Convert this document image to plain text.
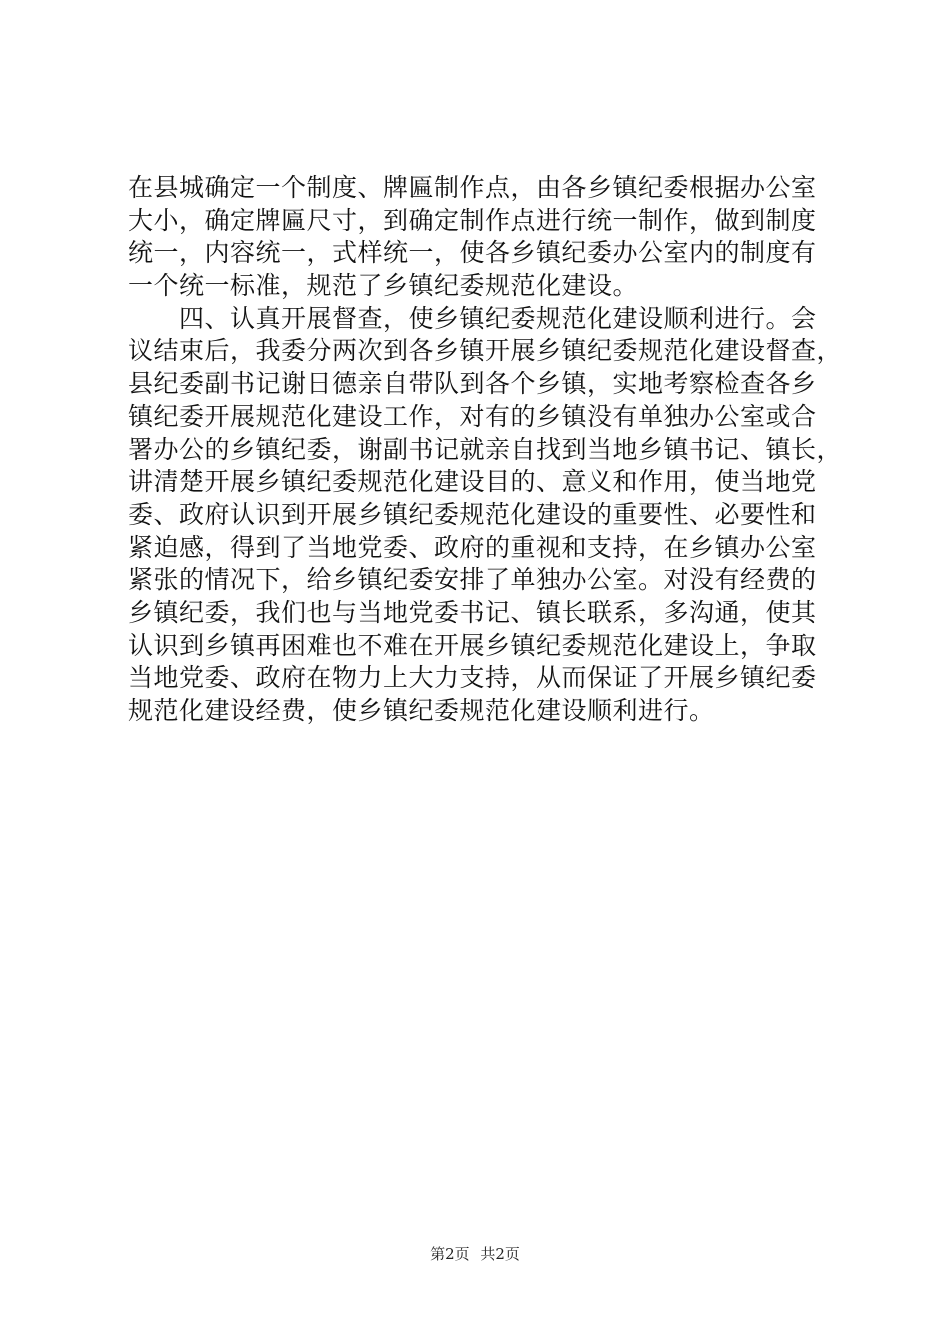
在县城确定一个制度、牌匾制作点，由各乡镇纪委根据办公室
大小，确定牌匾尺寸，到确定制作点进行统一制作，做到制度
统一，内容统一，式样统一，使各乡镇纪委办公室内的制度有
一个统一标准，规范了乡镇纪委规范化建设。
　　四、认真开展督查，使乡镇纪委规范化建设顺利进行。会
议结束后，我委分两次到各乡镇开展乡镇纪委规范化建设督查，
县纪委副书记谢日德亲自带队到各个乡镇，实地考察检查各乡
镇纪委开展规范化建设工作，对有的乡镇没有单独办公室或合
署办公的乡镇纪委，谢副书记就亲自找到当地乡镇书记、镇长，
讲清楚开展乡镇纪委规范化建设目的、意义和作用，使当地党
委、政府认识到开展乡镇纪委规范化建设的重要性、必要性和
紧迫感，得到了当地党委、政府的重视和支持，在乡镇办公室
紧张的情况下，给乡镇纪委安排了单独办公室。对没有经费的
乡镇纪委，我们也与当地党委书记、镇长联系，多沟通，使其
认识到乡镇再困难也不难在开展乡镇纪委规范化建设上，争取
当地党委、政府在物力上大力支持，从而保证了开展乡镇纪委
规范化建设经费，使乡镇纪委规范化建设顺利进行。
第2页 共2页
